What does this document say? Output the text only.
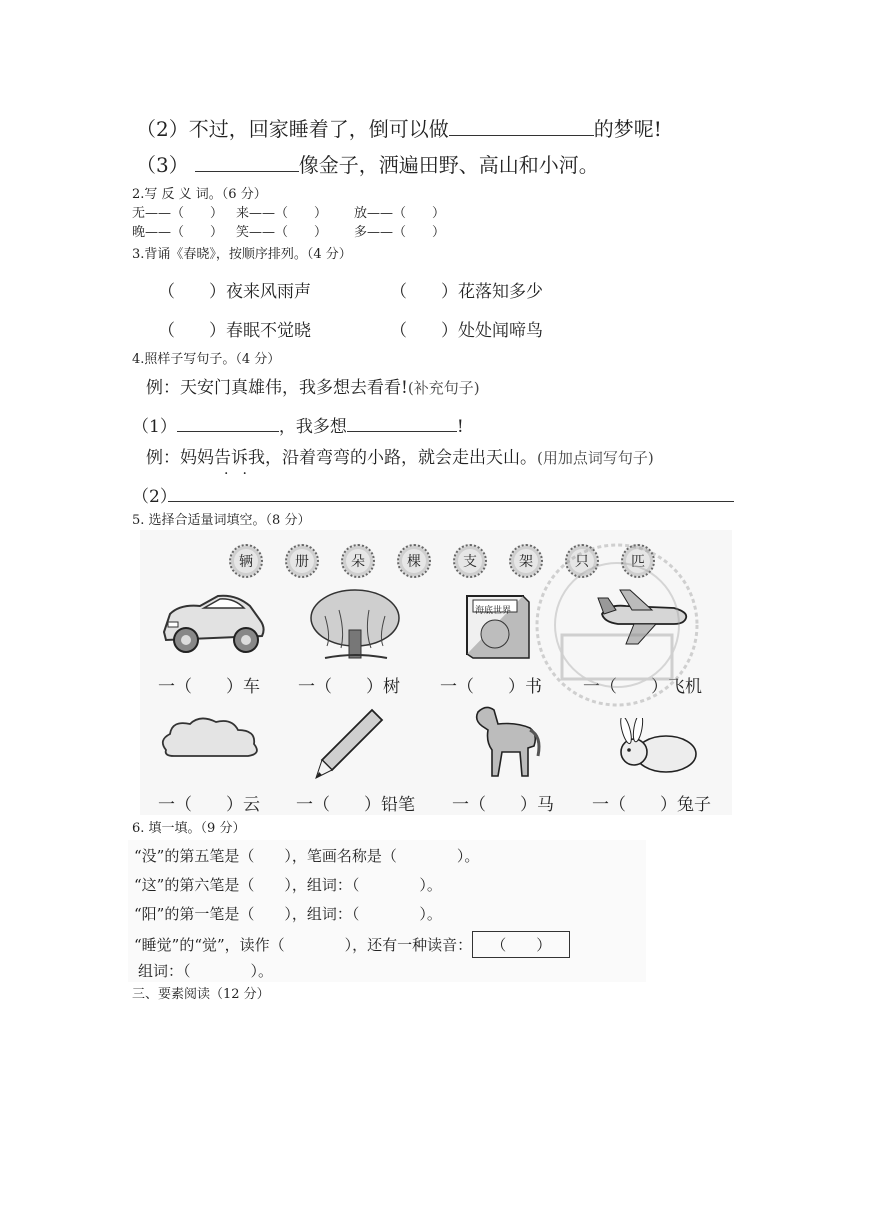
（2）不过，回家睡着了，倒可以做	的梦呢!
（3）	像金子，洒遍田野、高山和小河。
2.写 反 义 词。（6 分）
无——（　　） 来——（　　） 放——（　　）
晚——（　　） 笑——（　　） 多——（　　）
3.背诵《春晓》，按顺序排列。（4 分）
（　　）夜来风雨声	（　　）花落知多少
（　　）春眠不觉晓	（　　）处处闻啼鸟
4.照样子写句子。（4 分）
例：天安门真雄伟，我多想去看看!(补充句子)
（1）	，我多想	!
例：妈妈告诉我，沿着弯弯的小路，就会走出天山。(用加点词写句子)
··
（2）
5. 选择合适量词填空。（8 分）
辆	册	朵	棵	支	架	只	匹
海底世界
一（　　）车 一（　　）树 一（　　）书 一（　　）飞机
一（　　）云 一（　　）铅笔 一（　　）马 一（　　）兔子
6. 填一填。（9 分）
“没”的第五笔是（　　），笔画名称是（　　　　）。
“这”的第六笔是（　　），组词：（　　　　）。
“阳”的第一笔是（　　），组词：（　　　　）。
“睡觉”的“觉”，读作（　　　　），还有一种读音： （　　）
组词：（　　　　）。
三、要素阅读（12 分）
